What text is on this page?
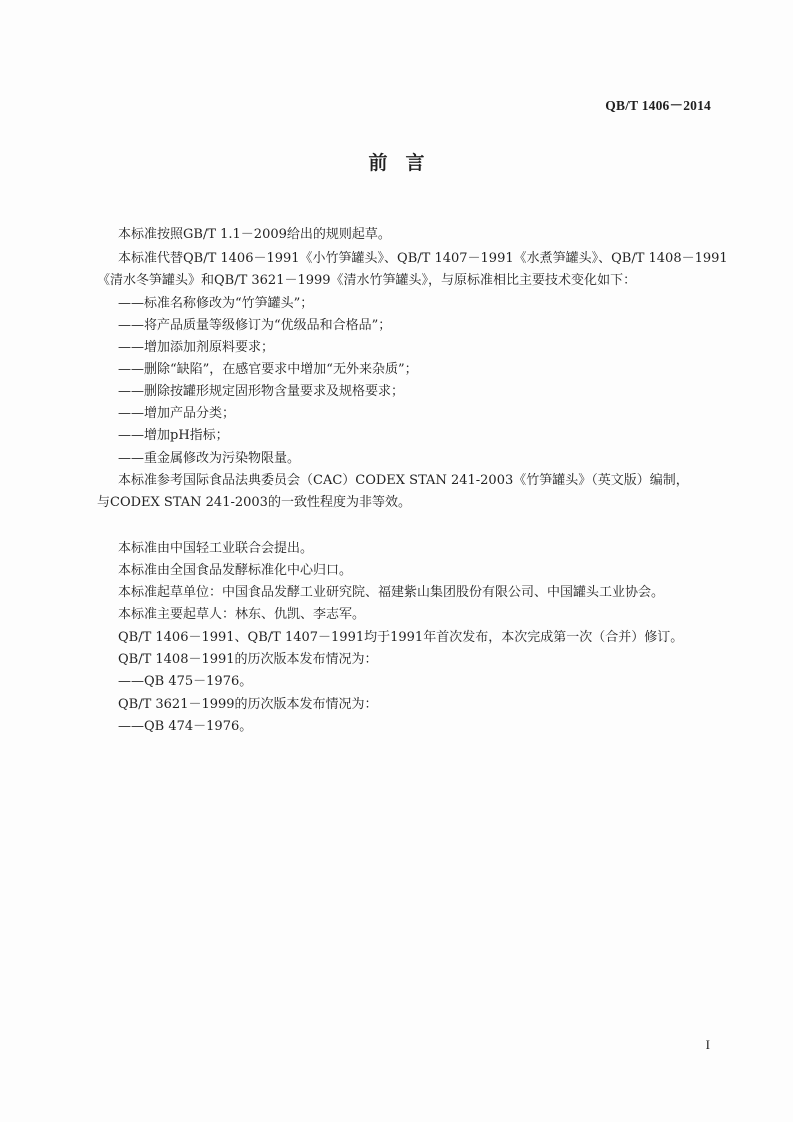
QB/T 1406－2014
前言
本标准按照GB/T 1.1－2009给出的规则起草。
本标准代替QB/T 1406－1991《小竹笋罐头》、QB/T 1407－1991《水煮笋罐头》、QB/T 1408－1991
《清水冬笋罐头》和QB/T 3621－1999《清水竹笋罐头》，与原标准相比主要技术变化如下：
——标准名称修改为“竹笋罐头”；
——将产品质量等级修订为“优级品和合格品”；
——增加添加剂原料要求；
——删除“缺陷”，在感官要求中增加“无外来杂质”；
——删除按罐形规定固形物含量要求及规格要求；
——增加产品分类；
——增加pH指标；
——重金属修改为污染物限量。
本标准参考国际食品法典委员会（CAC）CODEX STAN 241-2003《竹笋罐头》（英文版）编制，
与CODEX STAN 241-2003的一致性程度为非等效。
本标准由中国轻工业联合会提出。
本标准由全国食品发酵标准化中心归口。
本标准起草单位：中国食品发酵工业研究院、福建紫山集团股份有限公司、中国罐头工业协会。
本标准主要起草人：林东、仇凯、李志军。
QB/T 1406－1991、QB/T 1407－1991均于1991年首次发布，本次完成第一次（合并）修订。
QB/T 1408－1991的历次版本发布情况为：
——QB 475－1976。
QB/T 3621－1999的历次版本发布情况为：
——QB 474－1976。
I
